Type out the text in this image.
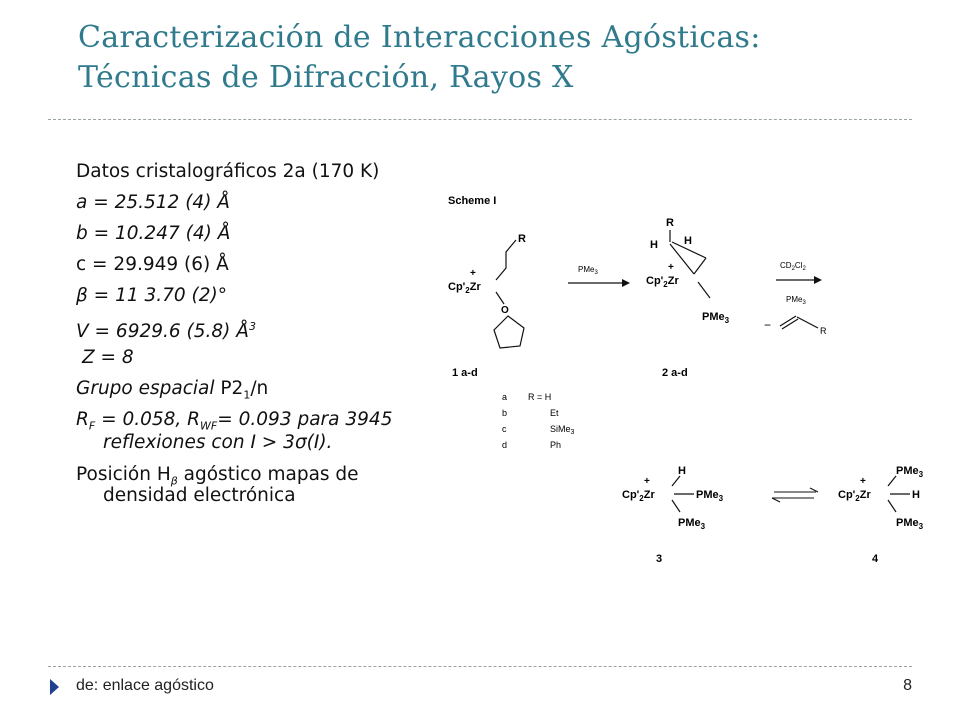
Caracterización de Interacciones Agósticas:
Técnicas de Difracción, Rayos X
Datos cristalográficos 2a (170 K)
a = 25.512 (4) Å
b = 10.247 (4) Å
c = 29.949 (6) Å
β = 11 3.70 (2)°
V = 6929.6 (5.8) $Å^3$
Z = 8
Grupo espacial $P2_1/n$
$R_F = 0.058$, $R_{WF}= 0.093$ para 3945
reflexiones con I > 3σ(I).
Posición $H_\beta$ agóstico mapas de
densidad electrónica
Scheme I
$Cp'_2Zr$
+
R
O
1 a-d
PMe$_3$
R
H H
$Cp'_2Zr$
+
PMe$_3$
2 a-d
$CD_2Cl_2$
PMe$_3$
−	R
a
b
c
d
R = H
Et
SiMe$_3$
Ph
$Cp'_2Zr$
+
H
PMe$_3$
PMe$_3$
3
$Cp'_2Zr$
+
PMe$_3$
H
PMe$_3$
4
de: enlace agóstico	8
